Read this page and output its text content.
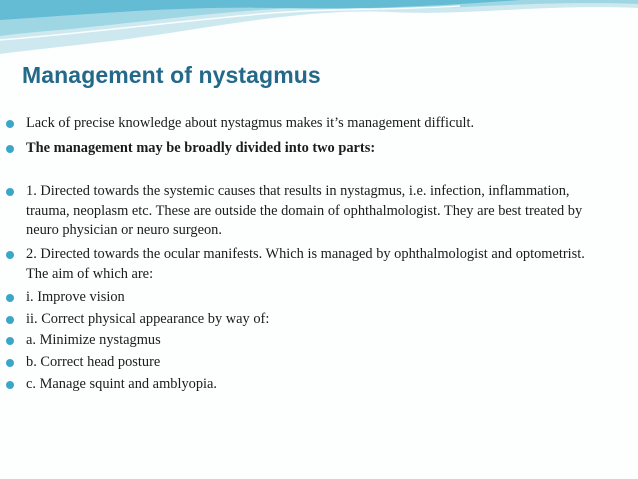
Management of nystagmus
Lack of precise knowledge about nystagmus makes it’s management difficult.
The management may be broadly divided into two parts:
1. Directed towards the systemic causes that results in nystagmus, i.e. infection, inflammation, trauma, neoplasm etc. These are outside the domain of ophthalmologist. They are best treated by neuro physician or neuro surgeon.
2. Directed towards the ocular manifests. Which is managed by ophthalmologist and optometrist. The aim of which are:
i. Improve vision
ii. Correct physical appearance by way of:
a. Minimize nystagmus
b. Correct head posture
c. Manage squint and amblyopia.
